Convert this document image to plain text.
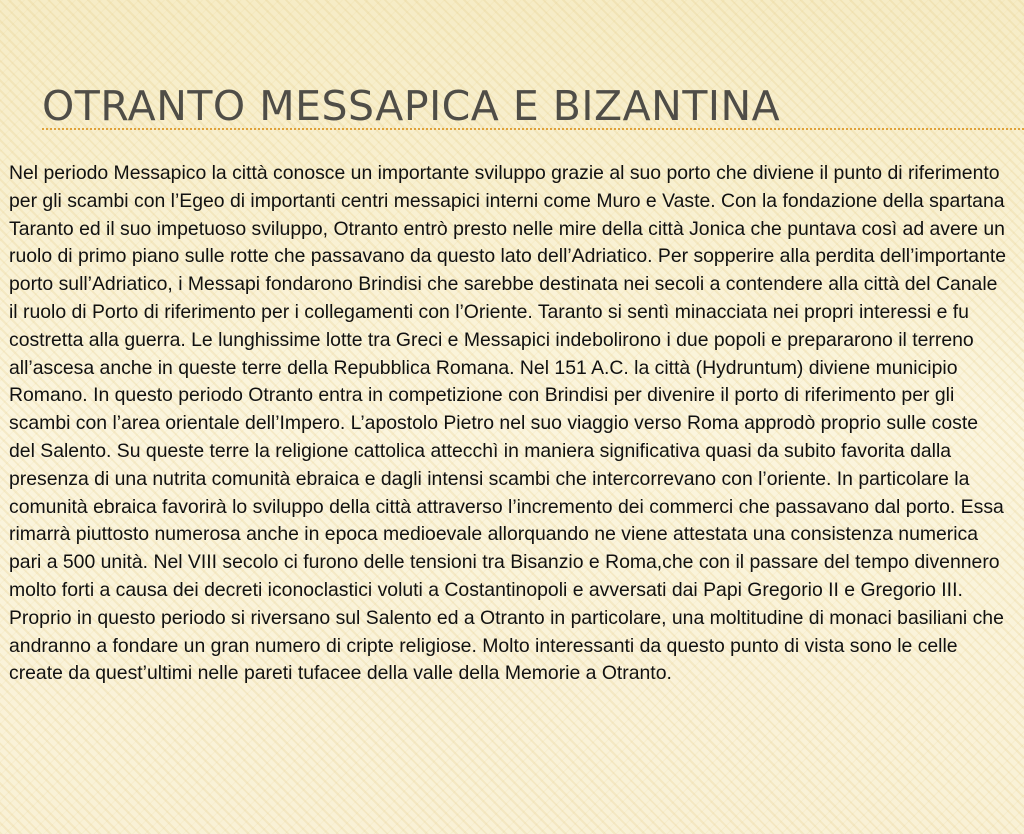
OTRANTO MESSAPICA E BIZANTINA

Nel periodo Messapico la città conosce un importante sviluppo grazie al suo porto che diviene il punto di riferimento per gli scambi con l’Egeo di importanti centri messapici interni come Muro e Vaste. Con la fondazione della spartana Taranto ed il suo impetuoso sviluppo, Otranto entrò presto nelle mire della città Jonica che puntava così ad avere un ruolo di primo piano sulle rotte che passavano da questo lato dell’Adriatico. Per sopperire alla perdita dell’importante porto sull’Adriatico, i Messapi fondarono Brindisi che sarebbe destinata nei secoli a contendere alla città del Canale il ruolo di Porto di riferimento per i collegamenti con l’Oriente. Taranto si sentì minacciata nei propri interessi e fu costretta alla guerra. Le lunghissime lotte tra Greci e Messapici indebolirono i due popoli e prepararono il terreno all’ascesa anche in queste terre della Repubblica Romana. Nel 151 A.C. la città (Hydruntum) diviene municipio Romano. In questo periodo Otranto entra in competizione con Brindisi per divenire il porto di riferimento per gli scambi con l’area orientale dell’Impero. L’apostolo Pietro nel suo viaggio verso Roma approdò proprio sulle coste del Salento. Su queste terre la religione cattolica attecchì in maniera significativa quasi da subito favorita dalla presenza di una nutrita comunità ebraica e dagli intensi scambi che intercorrevano con l’oriente. In particolare la comunità ebraica favorirà lo sviluppo della città attraverso l’incremento dei commerci che passavano dal porto. Essa rimarrà piuttosto numerosa anche in epoca medioevale allorquando ne viene attestata una consistenza numerica pari a 500 unità. Nel VIII secolo ci furono delle tensioni tra Bisanzio e Roma,che con il passare del tempo divennero molto forti a causa dei decreti iconoclastici voluti a Costantinopoli e avversati dai Papi Gregorio II e Gregorio III. Proprio in questo periodo si riversano sul Salento ed a Otranto in particolare, una moltitudine di monaci basiliani che andranno a fondare un gran numero di cripte religiose. Molto interessanti da questo punto di vista sono le celle create da quest’ultimi nelle pareti tufacee della valle della Memorie a Otranto.
